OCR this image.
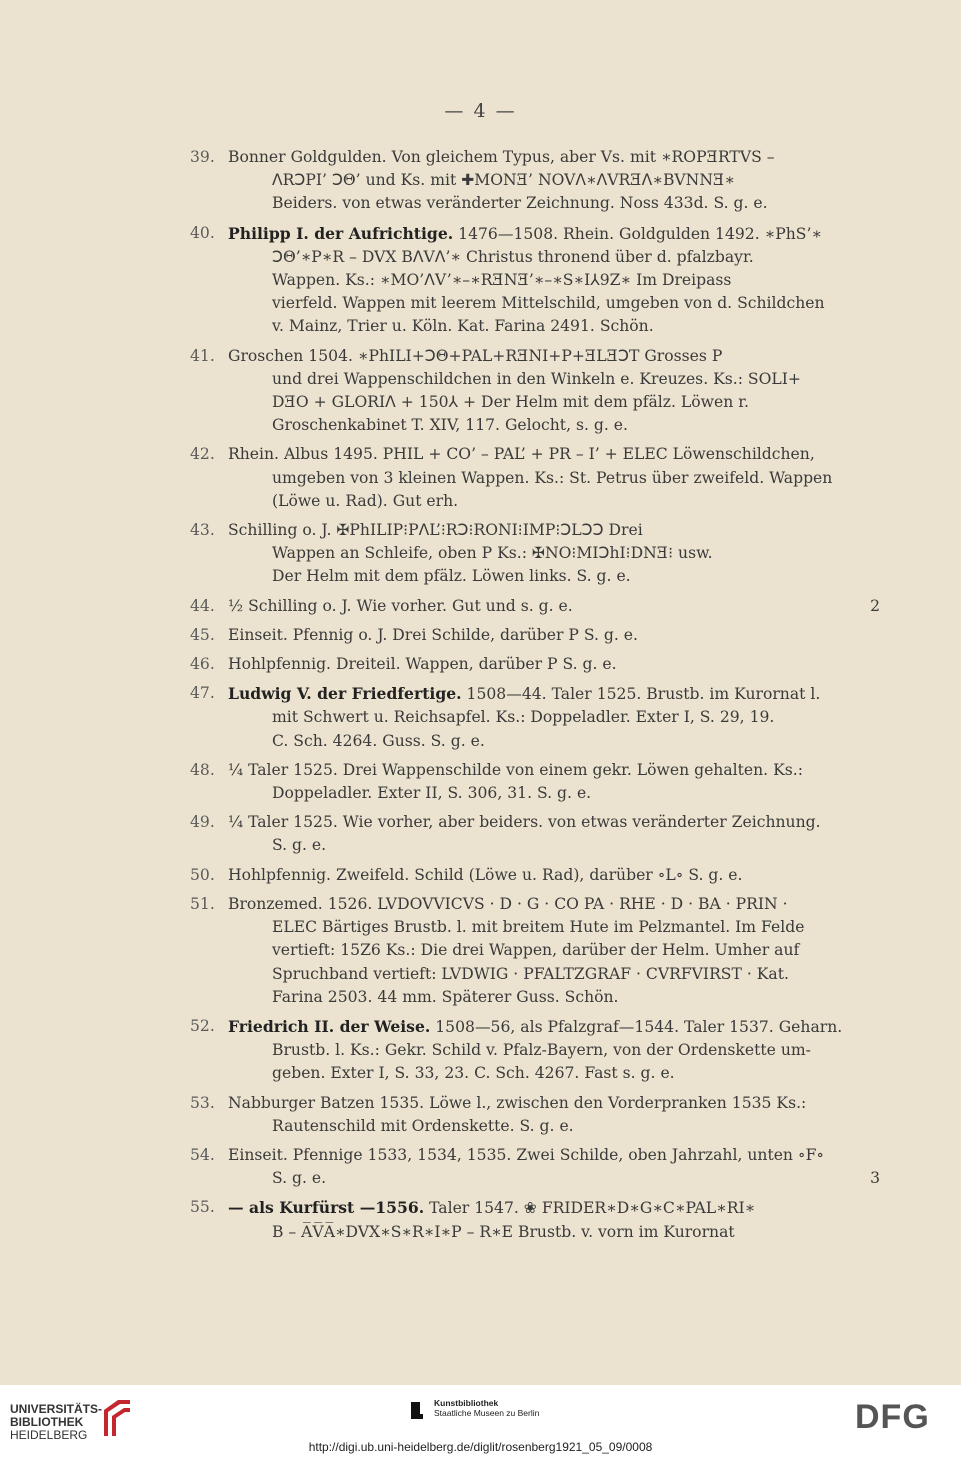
— 4 —
39. Bonner Goldgulden. Von gleichem Typus, aber Vs. mit ∗ROPƎRTVS –
ꓥRꓛPI’ ꓛΘ’ und Ks. mit ✚MONƎ’ NOVꓥ∗ꓥVRƎꓥ∗BVNNƎ∗
Beiders. von etwas veränderter Zeichnung. Noss 433d. S. g. e.
40. Philipp I. der Aufrichtige. 1476—1508. Rhein. Goldgulden 1492. ∗PhS’∗
ꓛΘ’∗P∗R – DVX BꓥVꓥ’∗ Christus thronend über d. pfalzbayr.
Wappen. Ks.: ∗MO’ꓥV’∗–∗RƎNƎ’∗–∗S∗I⅄9Z∗ Im Dreipass
vierfeld. Wappen mit leerem Mittelschild, umgeben von d. Schildchen
v. Mainz, Trier u. Köln. Kat. Farina 2491. Schön.
41. Groschen 1504. ∗PhILI+ꓛΘ+PAL+RƎNI+P+ƎLƎꓛT Grosses P
und drei Wappenschildchen in den Winkeln e. Kreuzes. Ks.: SOLI+
DƎO + GLORIꓥ + 150⅄ + Der Helm mit dem pfälz. Löwen r.
Groschenkabinet T. XIV, 117. Gelocht, s. g. e.
42. Rhein. Albus 1495. PHIL + CO’ – PAL’ + PR – I’ + ELEC Löwenschildchen,
umgeben von 3 kleinen Wappen. Ks.: St. Petrus über zweifeld. Wappen
(Löwe u. Rad). Gut erh.
43. Schilling o. J. ✠PhILIP⁝PꓥL’⁝Rꓛ⁝RONI⁝IMP⁝ꓛLꓛꓛ Drei
Wappen an Schleife, oben P Ks.: ✠NO⁝MIꓛhI⁝DNƎ⁝ usw.
Der Helm mit dem pfälz. Löwen links. S. g. e.
44. ½ Schilling o. J. Wie vorher. Gut und s. g. e.	2
45. Einseit. Pfennig o. J. Drei Schilde, darüber P S. g. e.
46. Hohlpfennig. Dreiteil. Wappen, darüber P S. g. e.
47. Ludwig V. der Friedfertige. 1508—44. Taler 1525. Brustb. im Kurornat l.
mit Schwert u. Reichsapfel. Ks.: Doppeladler. Exter I, S. 29, 19.
C. Sch. 4264. Guss. S. g. e.
48. ¼ Taler 1525. Drei Wappenschilde von einem gekr. Löwen gehalten. Ks.:
Doppeladler. Exter II, S. 306, 31. S. g. e.
49. ¼ Taler 1525. Wie vorher, aber beiders. von etwas veränderter Zeichnung.
S. g. e.
50. Hohlpfennig. Zweifeld. Schild (Löwe u. Rad), darüber ∘L∘ S. g. e.
51. Bronzemed. 1526. LVDOVVICVS · D · G · CO PA · RHE · D · BA · PRIN ·
ELEC Bärtiges Brustb. l. mit breitem Hute im Pelzmantel. Im Felde
vertieft: 15Z6 Ks.: Die drei Wappen, darüber der Helm. Umher auf
Spruchband vertieft: LVDWIG · PFALTZGRAF · CVRFVIRST · Kat.
Farina 2503. 44 mm. Späterer Guss. Schön.
52. Friedrich II. der Weise. 1508—56, als Pfalzgraf—1544. Taler 1537. Geharn.
Brustb. l. Ks.: Gekr. Schild v. Pfalz-Bayern, von der Ordenskette um-
geben. Exter I, S. 33, 23. C. Sch. 4267. Fast s. g. e.
53. Nabburger Batzen 1535. Löwe l., zwischen den Vorderpranken 1535 Ks.:
Rautenschild mit Ordenskette. S. g. e.
54. Einseit. Pfennige 1533, 1534, 1535. Zwei Schilde, oben Jahrzahl, unten ∘F∘
S. g. e.	3
55. — als Kurfürst —1556. Taler 1547. ❀ FRIDER∗D∗G∗C∗PAL∗RI∗
B – A̅V̅A̅∗DVX∗S∗R∗I∗P – R∗E Brustb. v. vorn im Kurornat
UNIVERSITÄTS-
BIBLIOTHEK
HEIDELBERG
Kunstbibliothek
Staatliche Museen zu Berlin	DFG
http://digi.ub.uni-heidelberg.de/diglit/rosenberg1921_05_09/0008
